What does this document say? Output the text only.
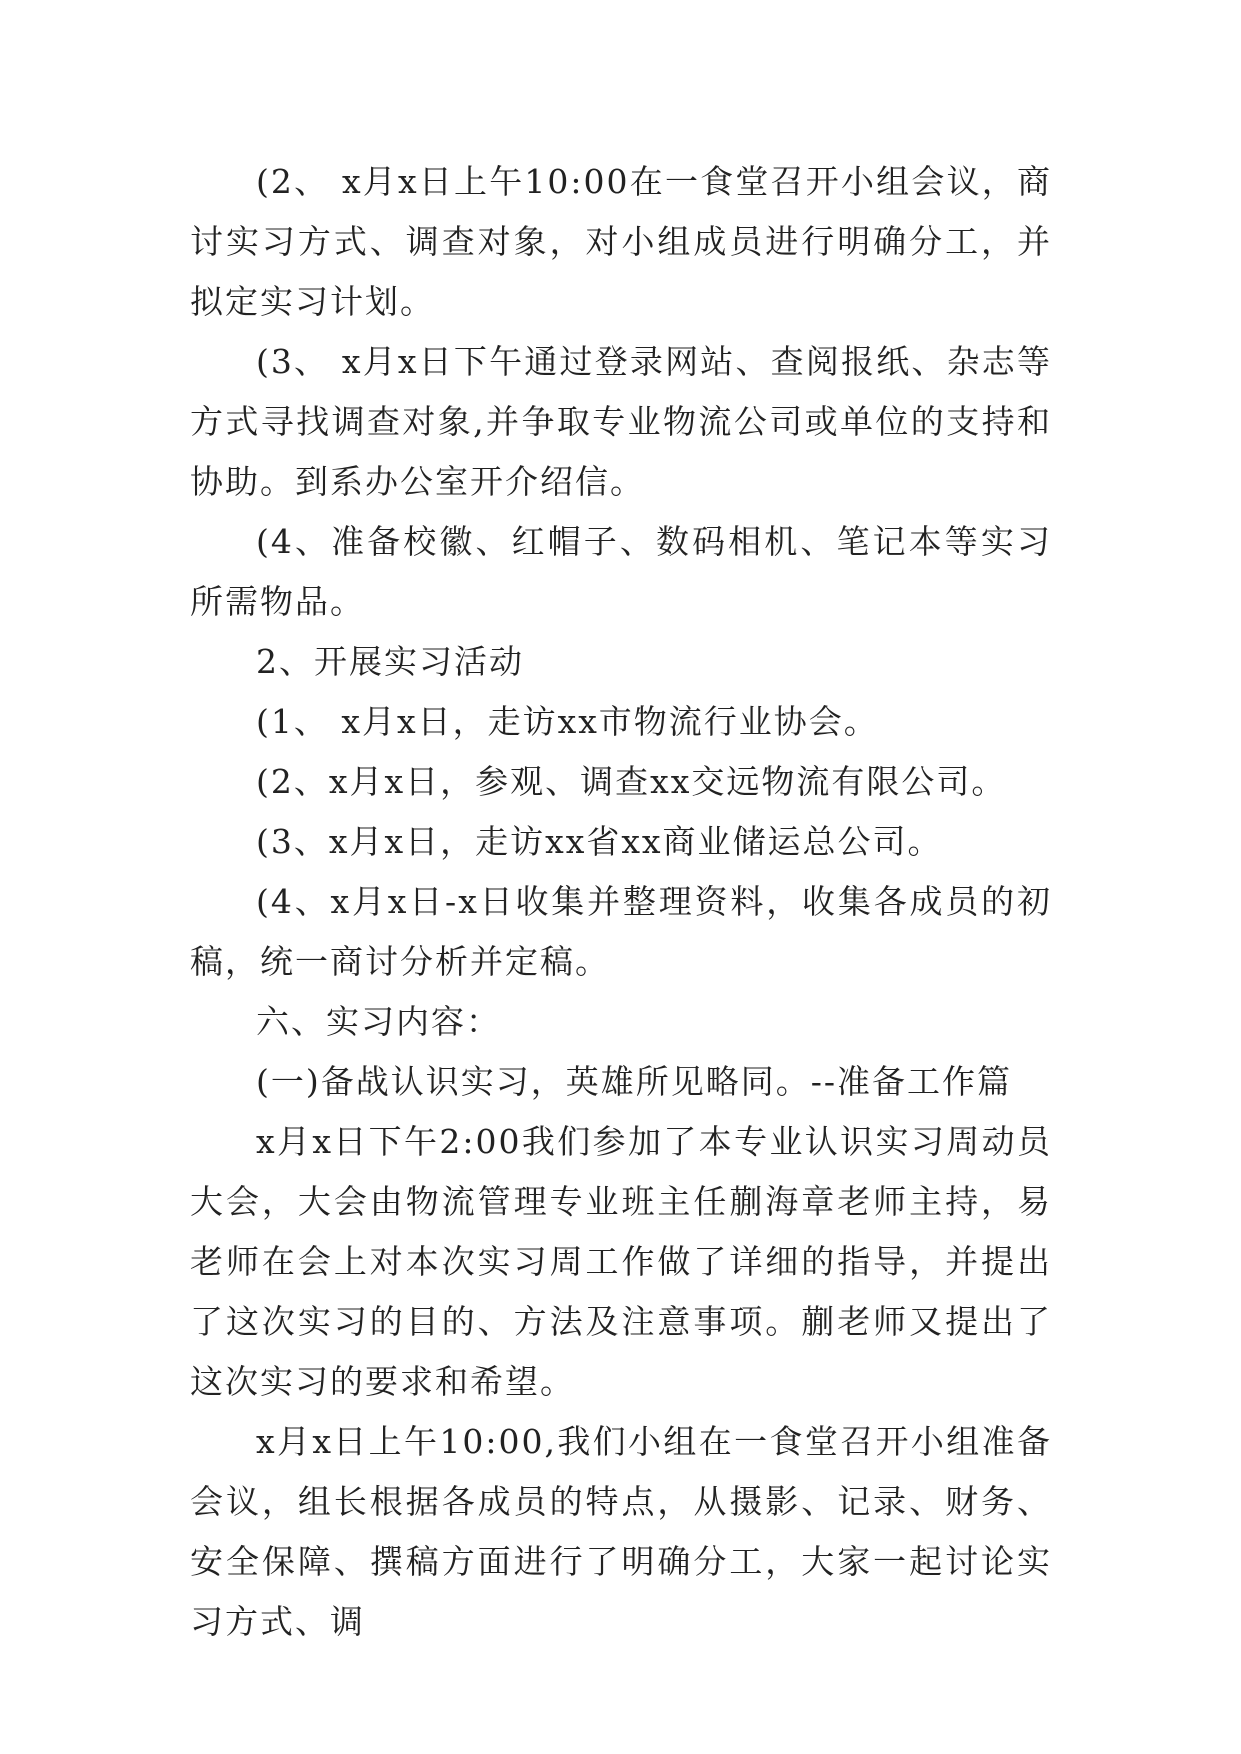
(2、 x月x日上午10:00在一食堂召开小组会议，商讨实习方式、调查对象，对小组成员进行明确分工，并拟定实习计划。

(3、 x月x日下午通过登录网站、查阅报纸、杂志等方式寻找调查对象,并争取专业物流公司或单位的支持和协助。到系办公室开介绍信。

(4、准备校徽、红帽子、数码相机、笔记本等实习所需物品。

2、开展实习活动

(1、 x月x日，走访xx市物流行业协会。

(2、x月x日，参观、调查xx交远物流有限公司。

(3、x月x日，走访xx省xx商业储运总公司。

(4、x月x日-x日收集并整理资料，收集各成员的初稿，统一商讨分析并定稿。

六、实习内容：

(一)备战认识实习，英雄所见略同。--准备工作篇

x月x日下午2:00我们参加了本专业认识实习周动员大会，大会由物流管理专业班主任蒯海章老师主持，易老师在会上对本次实习周工作做了详细的指导，并提出了这次实习的目的、方法及注意事项。蒯老师又提出了这次实习的要求和希望。

x月x日上午10:00,我们小组在一食堂召开小组准备会议，组长根据各成员的特点，从摄影、记录、财务、安全保障、撰稿方面进行了明确分工，大家一起讨论实习方式、调
